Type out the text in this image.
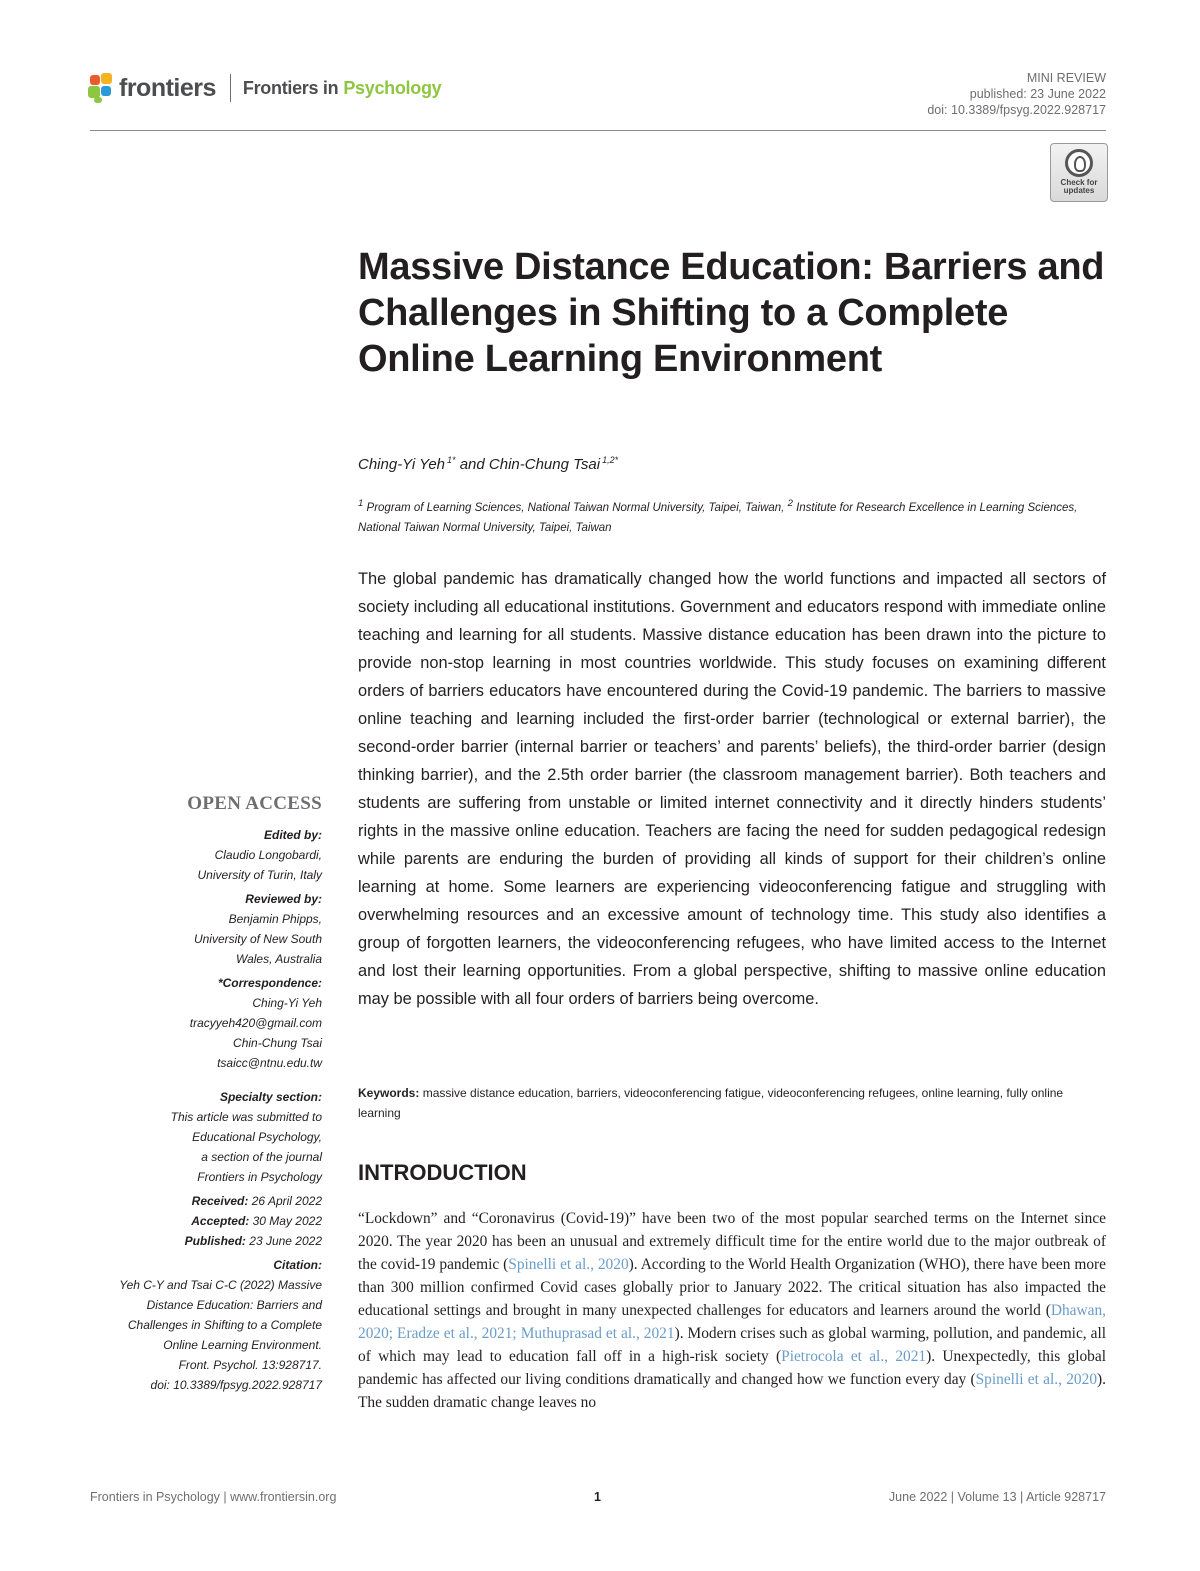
frontiers Frontiers in Psychology	MINI REVIEW
published: 23 June 2022
doi: 10.3389/fpsyg.2022.928717
Check for
updates
Massive Distance Education: Barriers and Challenges in Shifting to a Complete Online Learning Environment
Ching-Yi Yeh $^{1*}$ and Chin-Chung Tsai $^{1,2*}$
$^1$ Program of Learning Sciences, National Taiwan Normal University, Taipei, Taiwan, $^2$ Institute for Research Excellence in Learning Sciences, National Taiwan Normal University, Taipei, Taiwan

The global pandemic has dramatically changed how the world functions and impacted all sectors of society including all educational institutions. Government and educators respond with immediate online teaching and learning for all students. Massive distance education has been drawn into the picture to provide non-stop learning in most countries worldwide. This study focuses on examining different orders of barriers educators have encountered during the Covid-19 pandemic. The barriers to massive online teaching and learning included the first-order barrier (technological or external barrier), the second-order barrier (internal barrier or teachers’ and parents’ beliefs), the third-order barrier (design thinking barrier), and the 2.5th order barrier (the classroom management barrier). Both teachers and students are suffering from unstable or limited internet connectivity and it directly hinders students’ rights in the massive online education. Teachers are facing the need for sudden pedagogical redesign while parents are enduring the burden of providing all kinds of support for their children’s online learning at home. Some learners are experiencing videoconferencing fatigue and struggling with overwhelming resources and an excessive amount of technology time. This study also identifies a group of forgotten learners, the videoconferencing refugees, who have limited access to the Internet and lost their learning opportunities. From a global perspective, shifting to massive online education may be possible with all four orders of barriers being overcome.

Keywords: massive distance education, barriers, videoconferencing fatigue, videoconferencing refugees, online learning, fully online learning

INTRODUCTION

“Lockdown” and “Coronavirus (Covid-19)” have been two of the most popular searched terms on the Internet since 2020. The year 2020 has been an unusual and extremely difficult time for the entire world due to the major outbreak of the covid-19 pandemic (Spinelli et al., 2020). According to the World Health Organization (WHO), there have been more than 300 million confirmed Covid cases globally prior to January 2022. The critical situation has also impacted the educational settings and brought in many unexpected challenges for educators and learners around the world (Dhawan, 2020; Eradze et al., 2021; Muthuprasad et al., 2021). Modern crises such as global warming, pollution, and pandemic, all of which may lead to education fall off in a high-risk society (Pietrocola et al., 2021). Unexpectedly, this global pandemic has affected our living conditions dramatically and changed how we function every day (Spinelli et al., 2020). The sudden dramatic change leaves no

OPEN ACCESS
Edited by:
Claudio Longobardi,
University of Turin, Italy
Reviewed by:
Benjamin Phipps,
University of New South
Wales, Australia
*Correspondence:
Ching-Yi Yeh
tracyyeh420@gmail.com
Chin-Chung Tsai
tsaicc@ntnu.edu.tw
Specialty section:
This article was submitted to
Educational Psychology,
a section of the journal
Frontiers in Psychology
Received: 26 April 2022
Accepted: 30 May 2022
Published: 23 June 2022
Citation:
Yeh C-Y and Tsai C-C (2022) Massive
Distance Education: Barriers and
Challenges in Shifting to a Complete
Online Learning Environment.
Front. Psychol. 13:928717.
doi: 10.3389/fpsyg.2022.928717
Frontiers in Psychology | www.frontiersin.org	1	June 2022 | Volume 13 | Article 928717
